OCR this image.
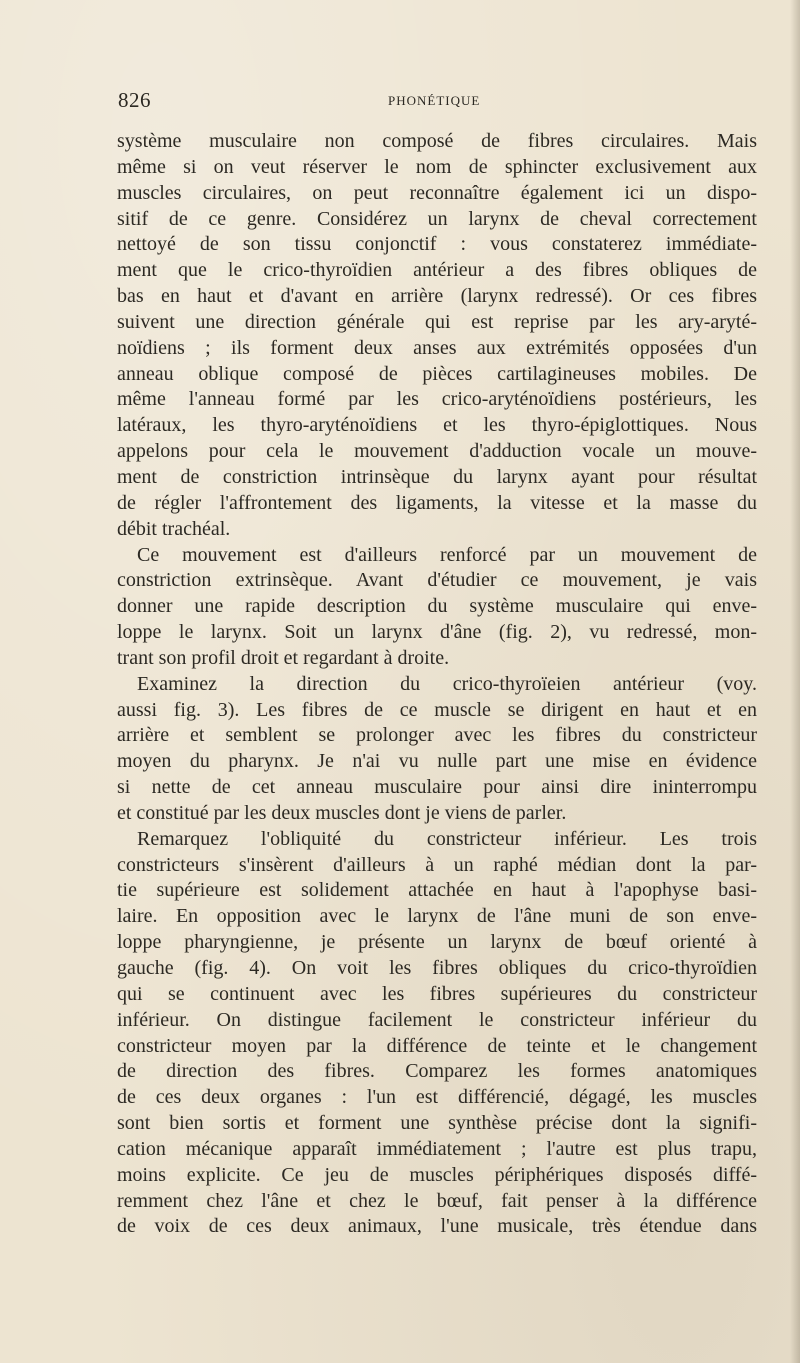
826	PHONÉTIQUE
système musculaire non composé de fibres circulaires. Mais
même si on veut réserver le nom de sphincter exclusivement aux
muscles circulaires, on peut reconnaître également ici un dispo-
sitif de ce genre. Considérez un larynx de cheval correctement
nettoyé de son tissu conjonctif : vous constaterez immédiate-
ment que le crico-thyroïdien antérieur a des fibres obliques de
bas en haut et d'avant en arrière (larynx redressé). Or ces fibres
suivent une direction générale qui est reprise par les ary-aryté-
noïdiens ; ils forment deux anses aux extrémités opposées d'un
anneau oblique composé de pièces cartilagineuses mobiles. De
même l'anneau formé par les crico-aryténoïdiens postérieurs, les
latéraux, les thyro-aryténoïdiens et les thyro-épiglottiques. Nous
appelons pour cela le mouvement d'adduction vocale un mouve-
ment de constriction intrinsèque du larynx ayant pour résultat
de régler l'affrontement des ligaments, la vitesse et la masse du
débit trachéal.
Ce mouvement est d'ailleurs renforcé par un mouvement de
constriction extrinsèque. Avant d'étudier ce mouvement, je vais
donner une rapide description du système musculaire qui enve-
loppe le larynx. Soit un larynx d'âne (fig. 2), vu redressé, mon-
trant son profil droit et regardant à droite.
Examinez la direction du crico-thyroïeien antérieur (voy.
aussi fig. 3). Les fibres de ce muscle se dirigent en haut et en
arrière et semblent se prolonger avec les fibres du constricteur
moyen du pharynx. Je n'ai vu nulle part une mise en évidence
si nette de cet anneau musculaire pour ainsi dire ininterrompu
et constitué par les deux muscles dont je viens de parler.
Remarquez l'obliquité du constricteur inférieur. Les trois
constricteurs s'insèrent d'ailleurs à un raphé médian dont la par-
tie supérieure est solidement attachée en haut à l'apophyse basi-
laire. En opposition avec le larynx de l'âne muni de son enve-
loppe pharyngienne, je présente un larynx de bœuf orienté à
gauche (fig. 4). On voit les fibres obliques du crico-thyroïdien
qui se continuent avec les fibres supérieures du constricteur
inférieur. On distingue facilement le constricteur inférieur du
constricteur moyen par la différence de teinte et le changement
de direction des fibres. Comparez les formes anatomiques
de ces deux organes : l'un est différencié, dégagé, les muscles
sont bien sortis et forment une synthèse précise dont la signifi-
cation mécanique apparaît immédiatement ; l'autre est plus trapu,
moins explicite. Ce jeu de muscles périphériques disposés diffé-
remment chez l'âne et chez le bœuf, fait penser à la différence
de voix de ces deux animaux, l'une musicale, très étendue dans
